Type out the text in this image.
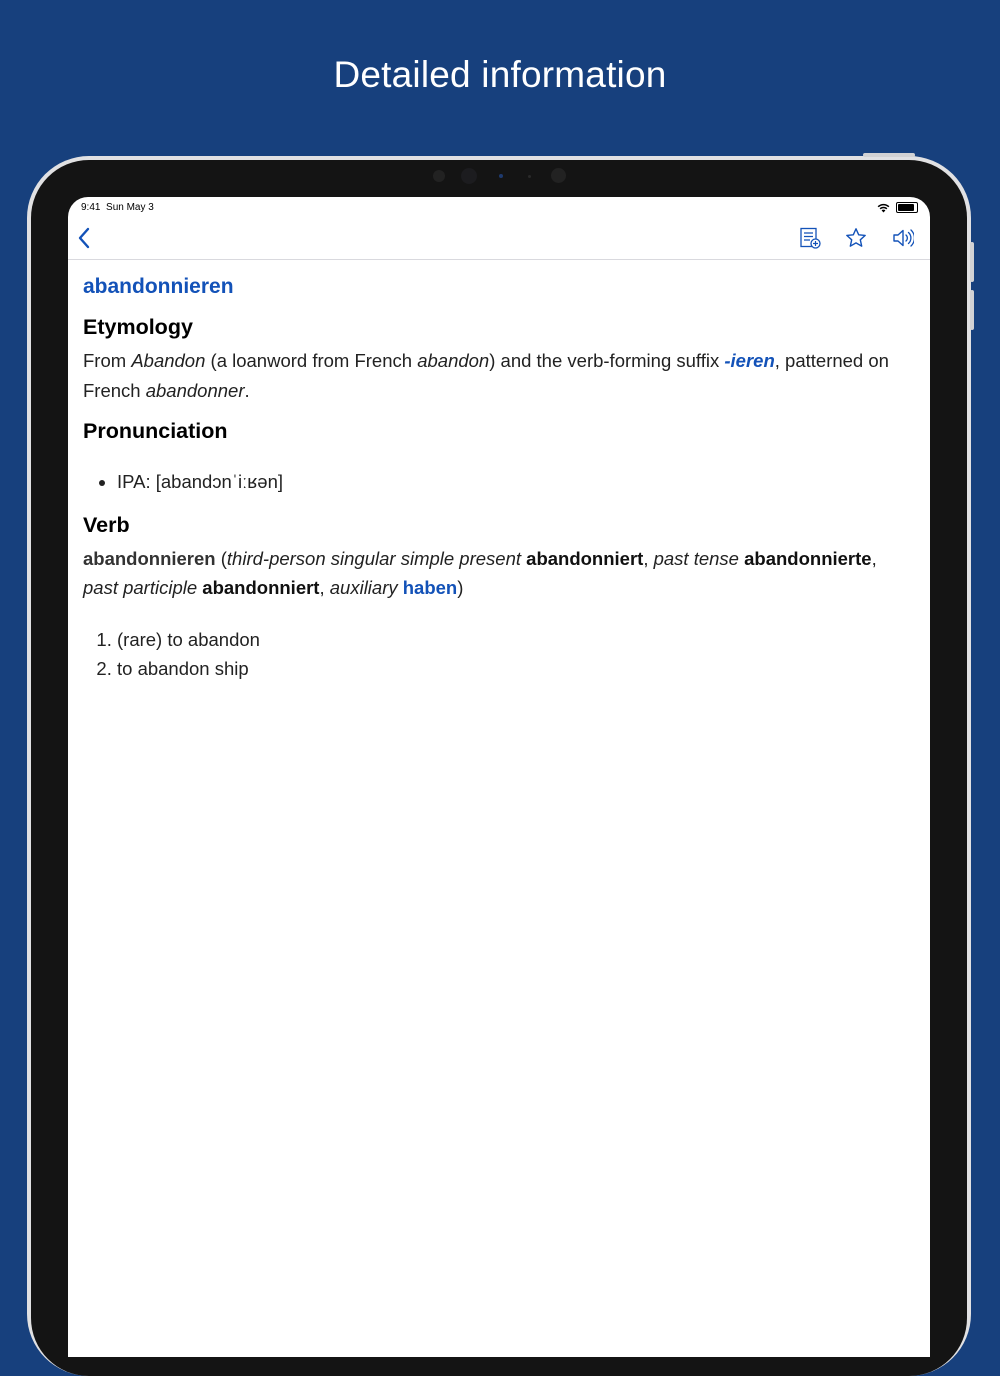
Detailed information
9:41 Sun May 3
abandonnieren
Etymology

From Abandon (a loanword from French abandon) and the verb-forming suffix -ieren, patterned on French abandonner.

Pronunciation
• IPA: [abandɔnˈiːʁən]
Verb

abandonnieren (third-person singular simple present abandonniert, past tense abandonnierte,
past participle abandonniert, auxiliary haben)

1. (rare) to abandon
2. to abandon ship
